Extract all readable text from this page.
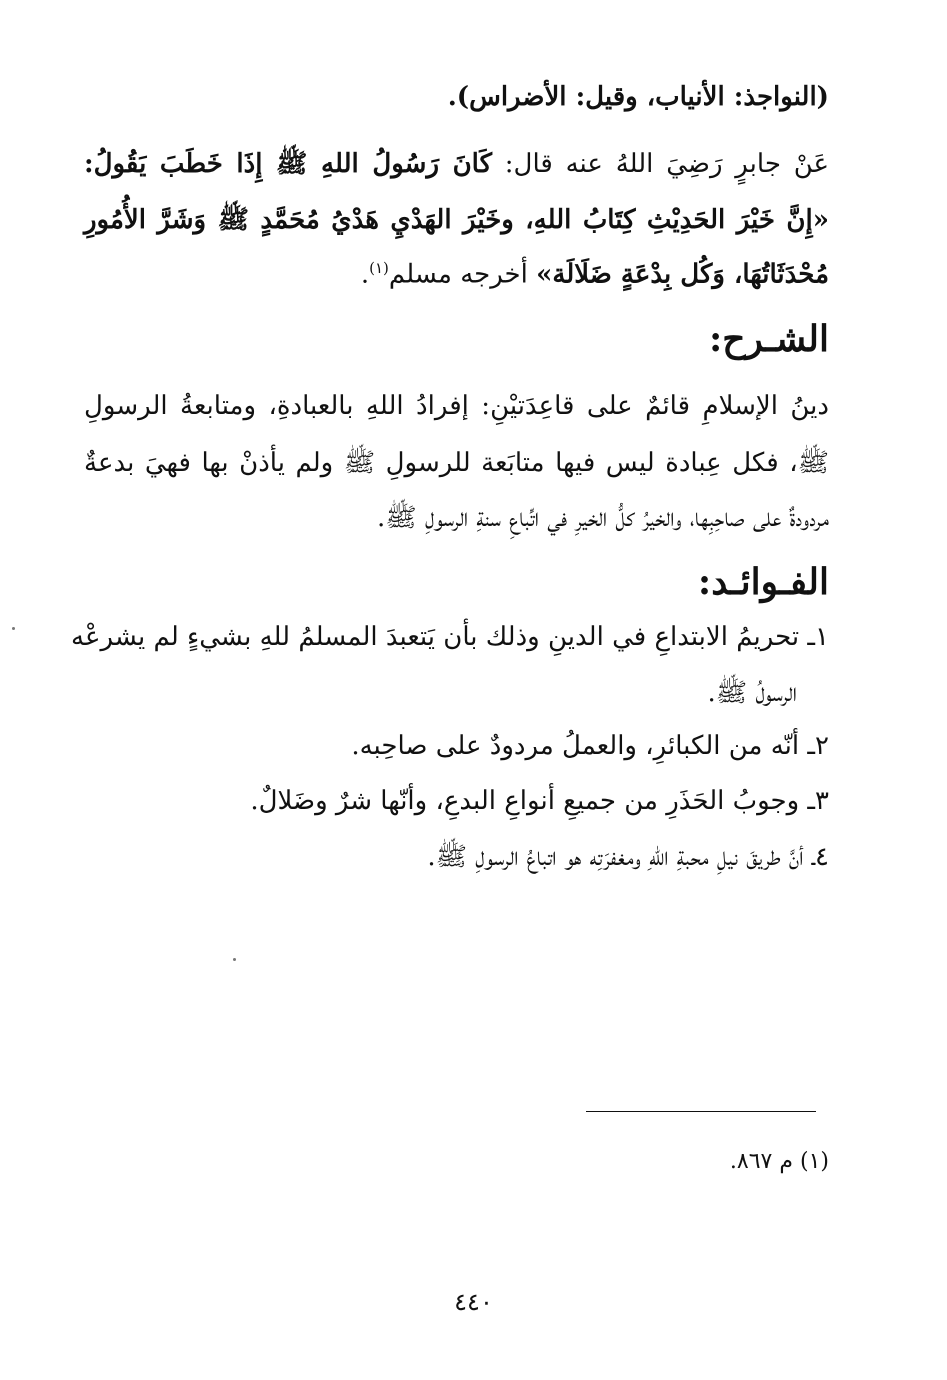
(النواجذ: الأنياب، وقيل: الأضراس).
عَنْ جابرٍ رَضِيَ اللهُ عنه قال: كَانَ رَسُولُ اللهِ ﷺ إِذَا خَطَبَ يَقُولُ:
«إِنَّ خَيْرَ الحَدِيْثِ كِتَابُ اللهِ، وخَيْرَ الهَدْيِ هَدْيُ مُحَمَّدٍ ﷺ وَشَرَّ الأُمُورِ
مُحْدَثَاتُهَا، وَكُل بِدْعَةٍ ضَلَالَة» أخرجه مسلم$^{(١)}$.
الشـرح:
دينُ الإسلامِ قائمٌ على قاعِدَتيْنِ: إفرادُ اللهِ بالعبادةِ، ومتابعةُ الرسولِ
ﷺ، فكل عِبادة ليس فيها متابَعة للرسولِ ﷺ ولم يأذنْ بها فهيَ بدعةٌ
مردودةٌ على صاحِبِها، والخيرُ كلُّ الخيرِ في اتِّباعِ سنةِ الرسولِ ﷺ.
الفـوائـد:
١ـ تحريمُ الابتداعِ في الدينِ وذلك بأن يَتعبدَ المسلمُ للهِ بشيءٍ لم يشرعْه
الرسولُ ﷺ.
٢ـ أنّه من الكبائرِ، والعملُ مردودٌ على صاحِبه.
٣ـ وجوبُ الحَذَرِ من جميعِ أنواعِ البدعِ، وأنّها شرٌ وضَلالٌ.
٤ـ أنَّ طريقَ نيلِ محبةِ اللهِ ومغفرَتِه هو اتباعُ الرسولِ ﷺ.
(١) م ٨٦٧.
٤٤٠
